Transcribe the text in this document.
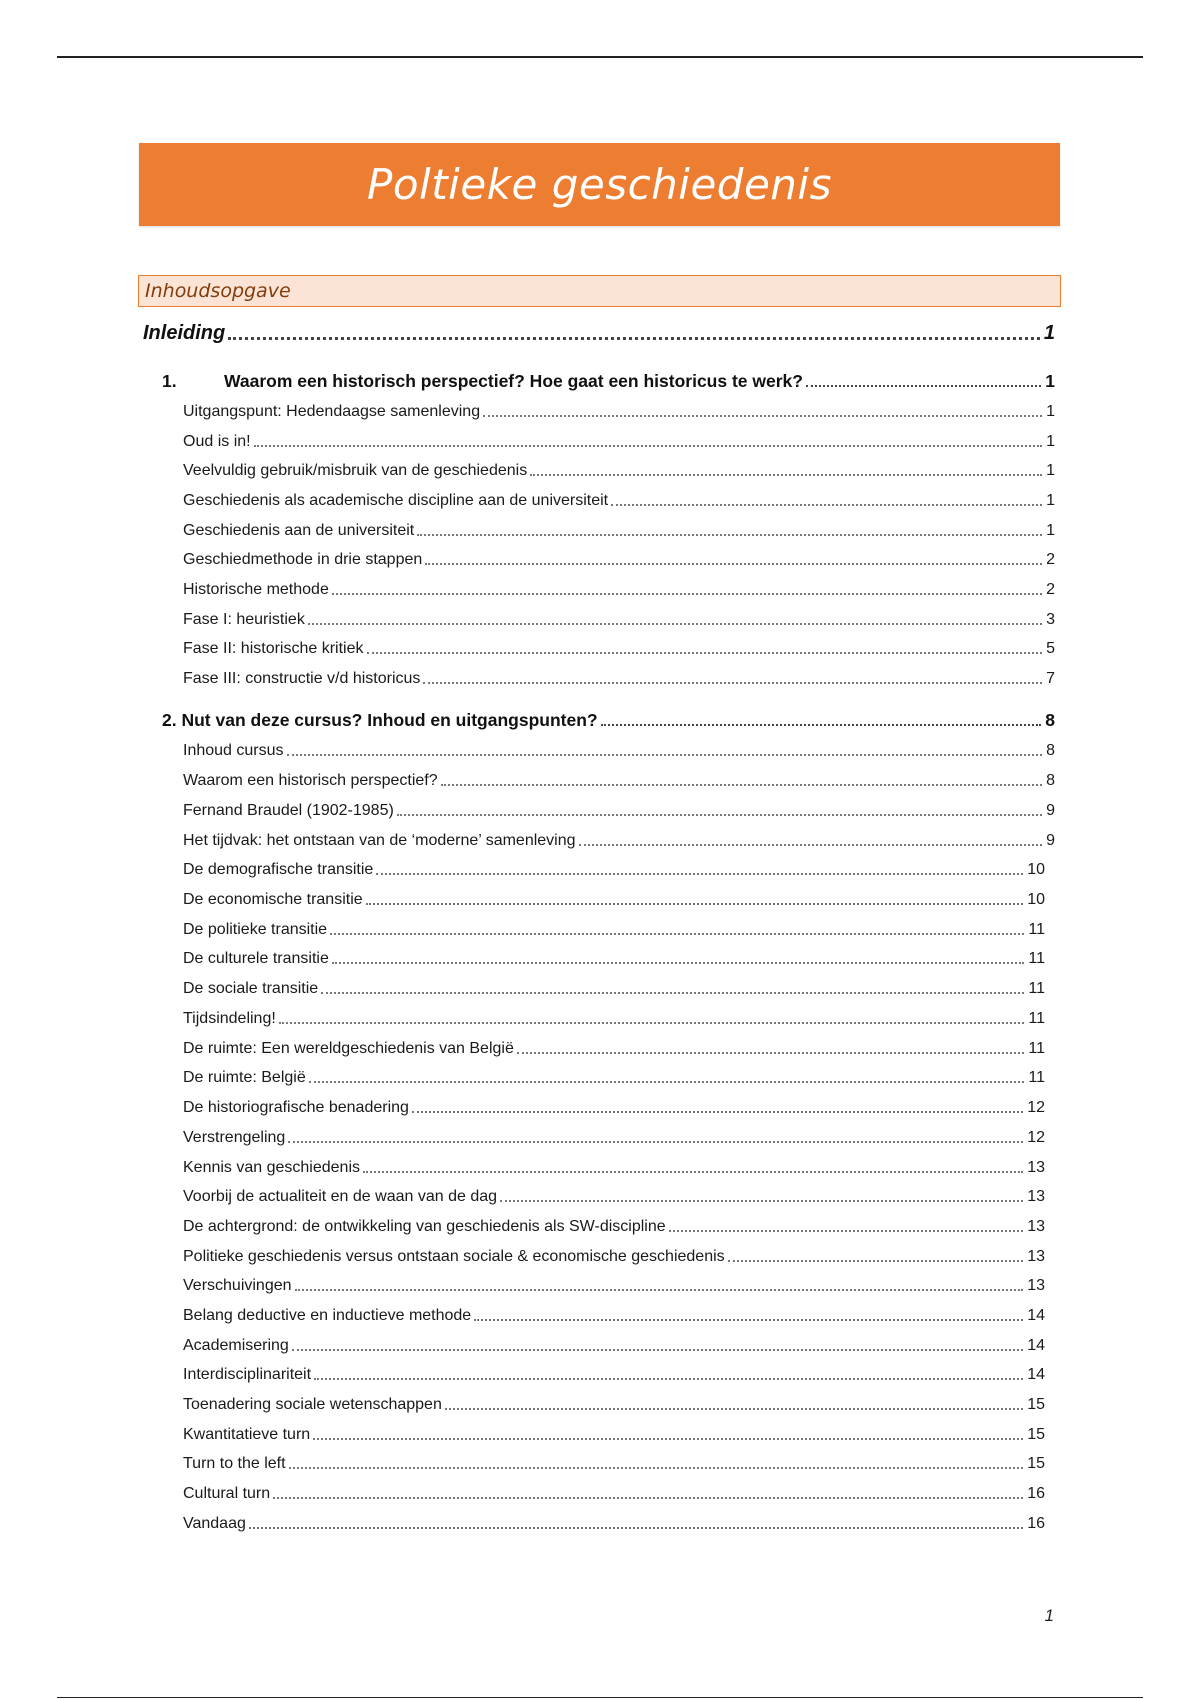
Poltieke geschiedenis
Inhoudsopgave
Inleiding	1
1.	Waarom een historisch perspectief? Hoe gaat een historicus te werk?	1
Uitgangspunt: Hedendaagse samenleving	1
Oud is in!	1
Veelvuldig gebruik/misbruik van de geschiedenis	1
Geschiedenis als academische discipline aan de universiteit	1
Geschiedenis aan de universiteit	1
Geschiedmethode in drie stappen	2
Historische methode	2
Fase I: heuristiek	3
Fase II: historische kritiek	5
Fase III: constructie v/d historicus	7
2. Nut van deze cursus? Inhoud en uitgangspunten?	8
Inhoud cursus	8
Waarom een historisch perspectief?	8
Fernand Braudel (1902-1985)	9
Het tijdvak: het ontstaan van de ‘moderne’ samenleving	9
De demografische transitie	10
De economische transitie	10
De politieke transitie	11
De culturele transitie	11
De sociale transitie	11
Tijdsindeling!	11
De ruimte: Een wereldgeschiedenis van België	11
De ruimte: België	11
De historiografische benadering	12
Verstrengeling	12
Kennis van geschiedenis	13
Voorbij de actualiteit en de waan van de dag	13
De achtergrond: de ontwikkeling van geschiedenis als SW-discipline	13
Politieke geschiedenis versus ontstaan sociale & economische geschiedenis	13
Verschuivingen	13
Belang deductive en inductieve methode	14
Academisering	14
Interdisciplinariteit	14
Toenadering sociale wetenschappen	15
Kwantitatieve turn	15
Turn to the left	15
Cultural turn	16
Vandaag	16
1
